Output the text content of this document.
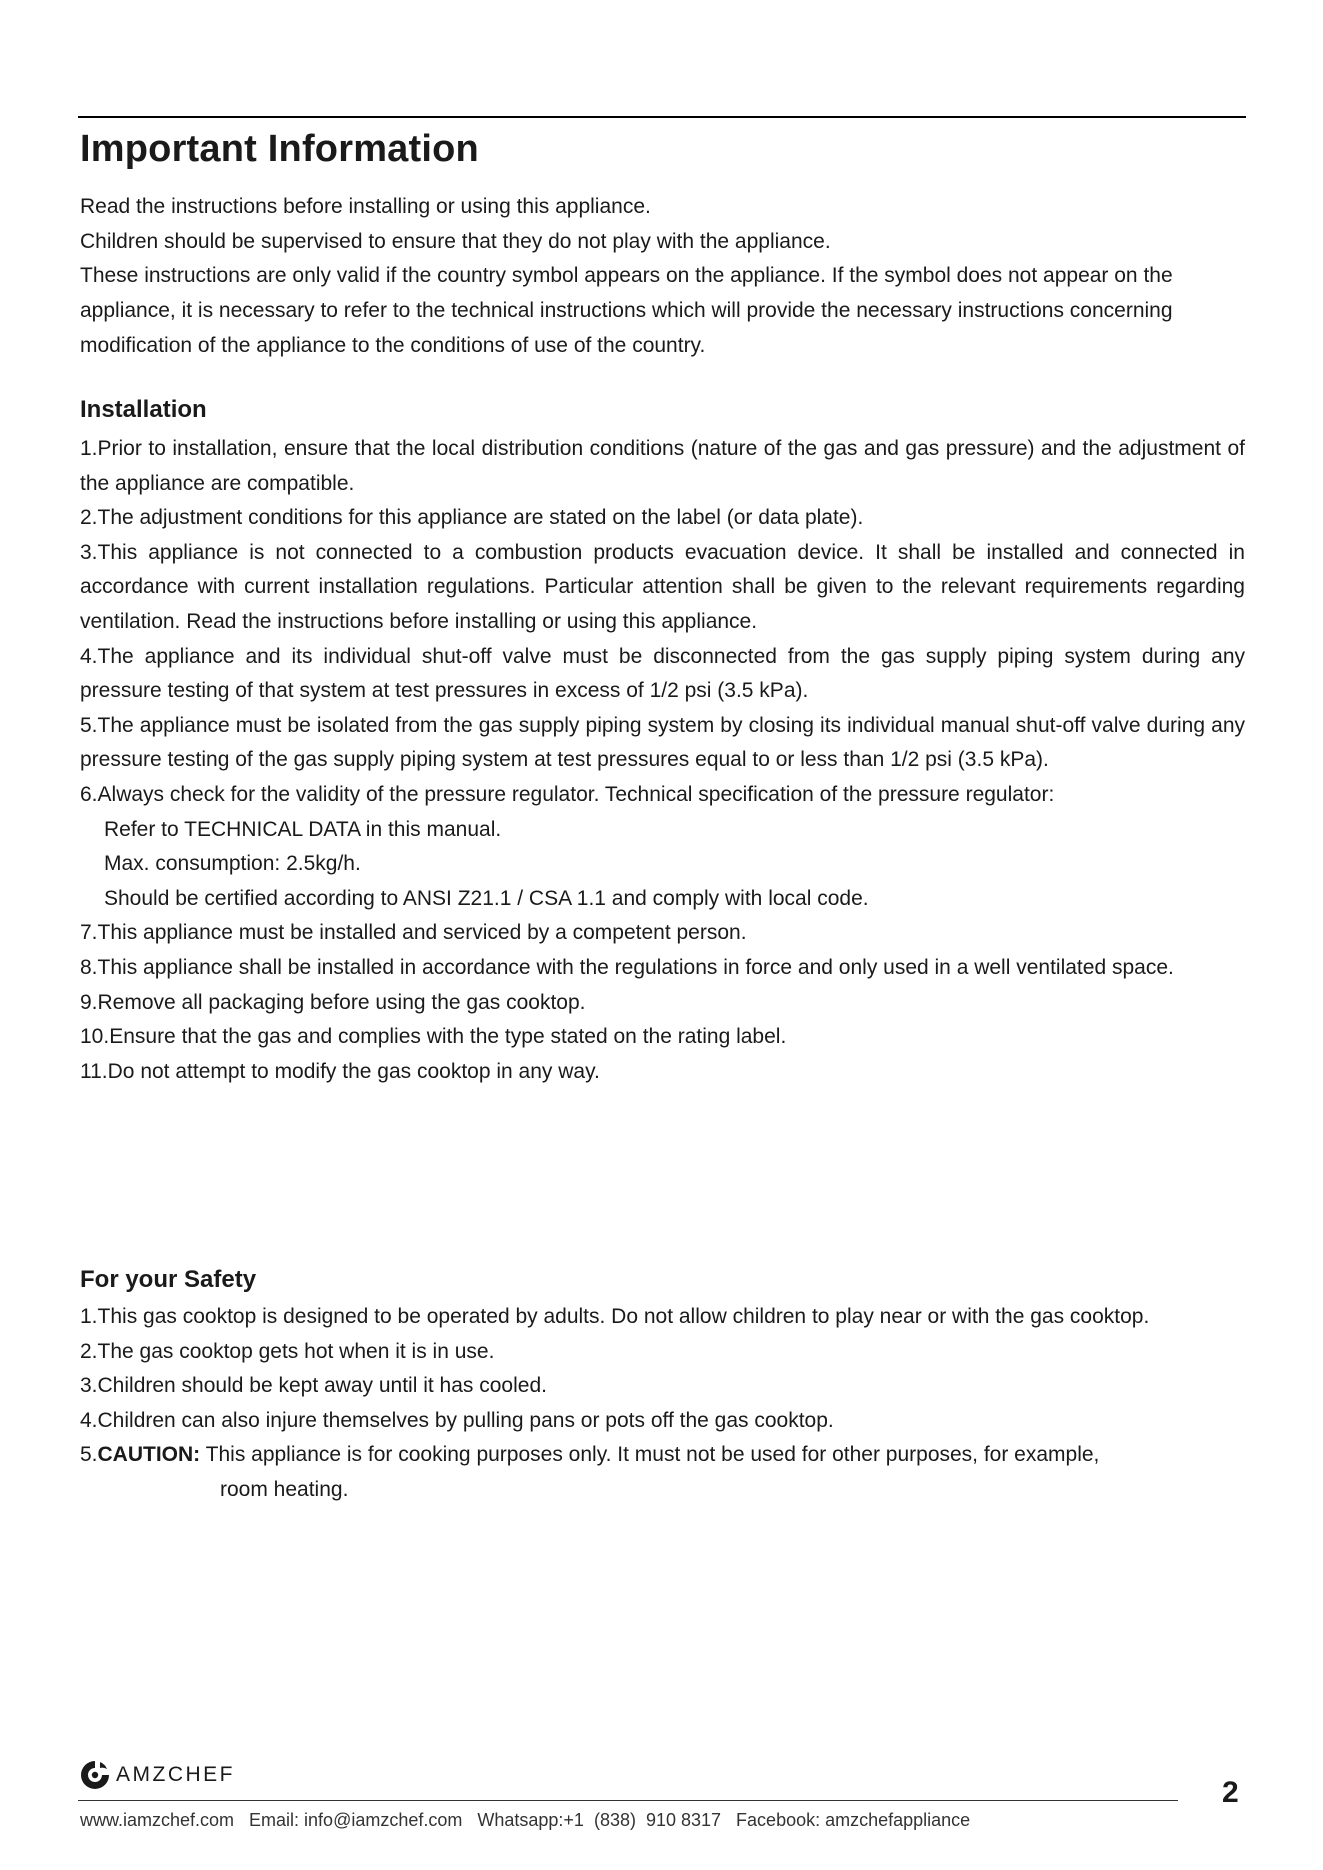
Important Information

Read the instructions before installing or using this appliance.

Children should be supervised to ensure that they do not play with the appliance.

These instructions are only valid if the country symbol appears on the appliance. If the symbol does not appear on the appliance, it is necessary to refer to the technical instructions which will provide the necessary instructions concerning modification of the appliance to the conditions of use of the country.

Installation
1.Prior to installation, ensure that the local distribution conditions (nature of the gas and gas pressure) and the adjustment of the appliance are compatible.
2.The adjustment conditions for this appliance are stated on the label (or data plate).
3.This appliance is not connected to a combustion products evacuation device. It shall be installed and connected in accordance with current installation regulations. Particular attention shall be given to the relevant requirements regarding ventilation. Read the instructions before installing or using this appliance.
4.The appliance and its individual shut-off valve must be disconnected from the gas supply piping system during any pressure testing of that system at test pressures in excess of 1/2 psi (3.5 kPa).
5.The appliance must be isolated from the gas supply piping system by closing its individual manual shut-off valve during any pressure testing of the gas supply piping system at test pressures equal to or less than 1/2 psi (3.5 kPa).
6.Always check for the validity of the pressure regulator. Technical specification of the pressure regulator:
Refer to TECHNICAL DATA in this manual.
Max. consumption: 2.5kg/h.
Should be certified according to ANSI Z21.1 / CSA 1.1 and comply with local code.
7.This appliance must be installed and serviced by a competent person.
8.This appliance shall be installed in accordance with the regulations in force and only used in a well ventilated space.
9.Remove all packaging before using the gas cooktop.
10.Ensure that the gas and complies with the type stated on the rating label.
11.Do not attempt to modify the gas cooktop in any way.
For your Safety
1.This gas cooktop is designed to be operated by adults. Do not allow children to play near or with the gas cooktop.
2.The gas cooktop gets hot when it is in use.
3.Children should be kept away until it has cooled.
4.Children can also injure themselves by pulling pans or pots off the gas cooktop.
5.CAUTION: This appliance is for cooking purposes only. It must not be used for other purposes, for example,
room heating.
AMZCHEF
www.iamzchef.com   Email: info@iamzchef.com   Whatsapp:+1  (838)  910 8317   Facebook: amzchefappliance
2
